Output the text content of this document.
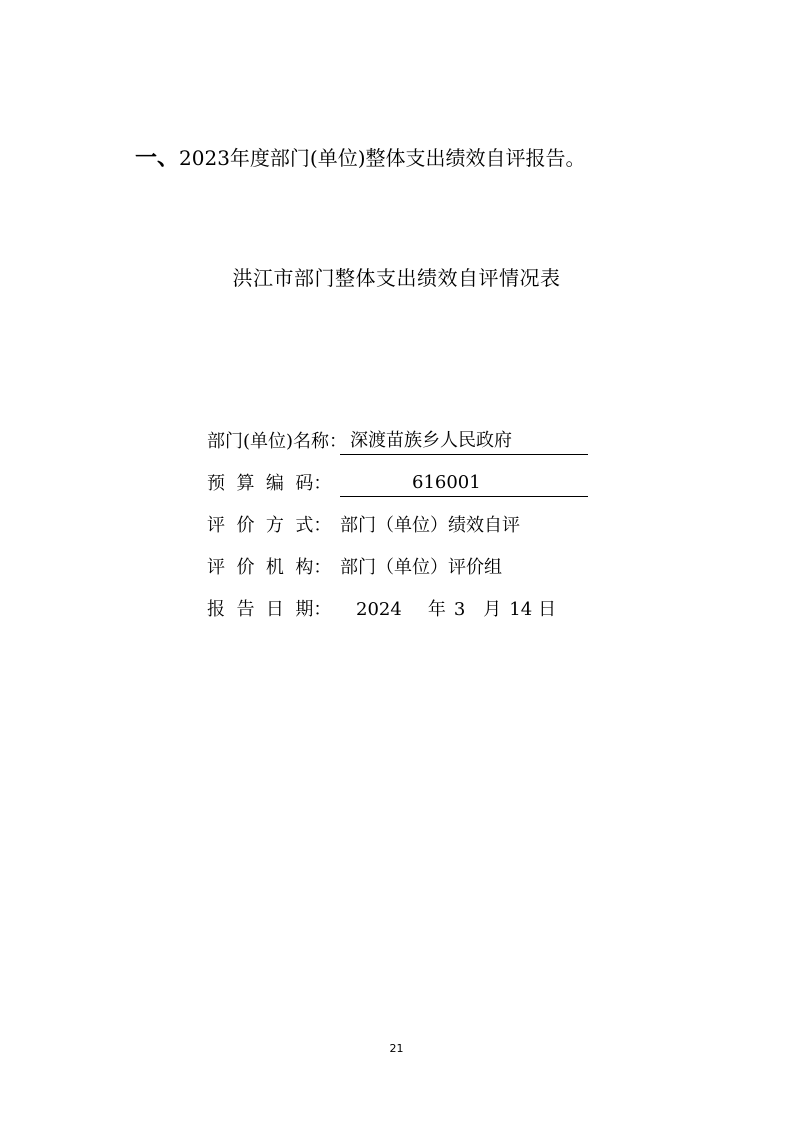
一、2023年度部门(单位)整体支出绩效自评报告。
洪江市部门整体支出绩效自评情况表
部门(单位)名称： 深渡苗族乡人民政府
预  算  编  码：	616001
评  价  方  式： 部门（单位）绩效自评
评  价  机  构： 部门（单位）评价组
报  告  日  期：	2024	年 3	月 14 日
21
